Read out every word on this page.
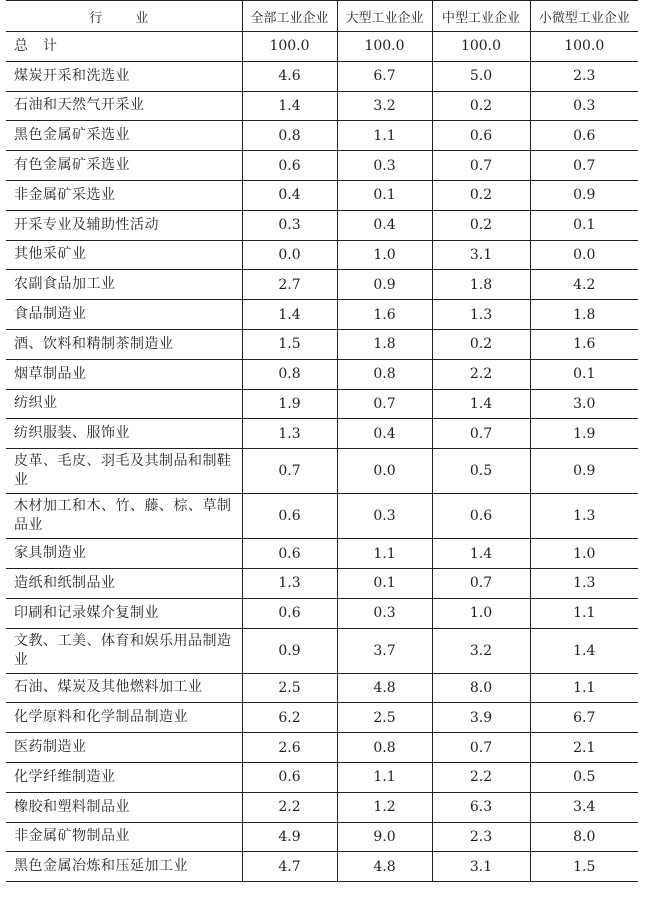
行　业	全部工业企业	大型工业企业	中型工业企业	小微型工业企业
总　计	100.0	100.0	100.0	100.0
煤炭开采和洗选业	4.6	6.7	5.0	2.3
石油和天然气开采业	1.4	3.2	0.2	0.3
黑色金属矿采选业	0.8	1.1	0.6	0.6
有色金属矿采选业	0.6	0.3	0.7	0.7
非金属矿采选业	0.4	0.1	0.2	0.9
开采专业及辅助性活动	0.3	0.4	0.2	0.1
其他采矿业	0.0	1.0	3.1	0.0
农副食品加工业	2.7	0.9	1.8	4.2
食品制造业	1.4	1.6	1.3	1.8
酒、饮料和精制茶制造业	1.5	1.8	0.2	1.6
烟草制品业	0.8	0.8	2.2	0.1
纺织业	1.9	0.7	1.4	3.0
纺织服装、服饰业	1.3	0.4	0.7	1.9
皮革、毛皮、羽毛及其制品和制鞋业	0.7	0.0	0.5	0.9
木材加工和木、竹、藤、棕、草制品业	0.6	0.3	0.6	1.3
家具制造业	0.6	1.1	1.4	1.0
造纸和纸制品业	1.3	0.1	0.7	1.3
印刷和记录媒介复制业	0.6	0.3	1.0	1.1
文教、工美、体育和娱乐用品制造业	0.9	3.7	3.2	1.4
石油、煤炭及其他燃料加工业	2.5	4.8	8.0	1.1
化学原料和化学制品制造业	6.2	2.5	3.9	6.7
医药制造业	2.6	0.8	0.7	2.1
化学纤维制造业	0.6	1.1	2.2	0.5
橡胶和塑料制品业	2.2	1.2	6.3	3.4
非金属矿物制品业	4.9	9.0	2.3	8.0
黑色金属冶炼和压延加工业	4.7	4.8	3.1	1.5
